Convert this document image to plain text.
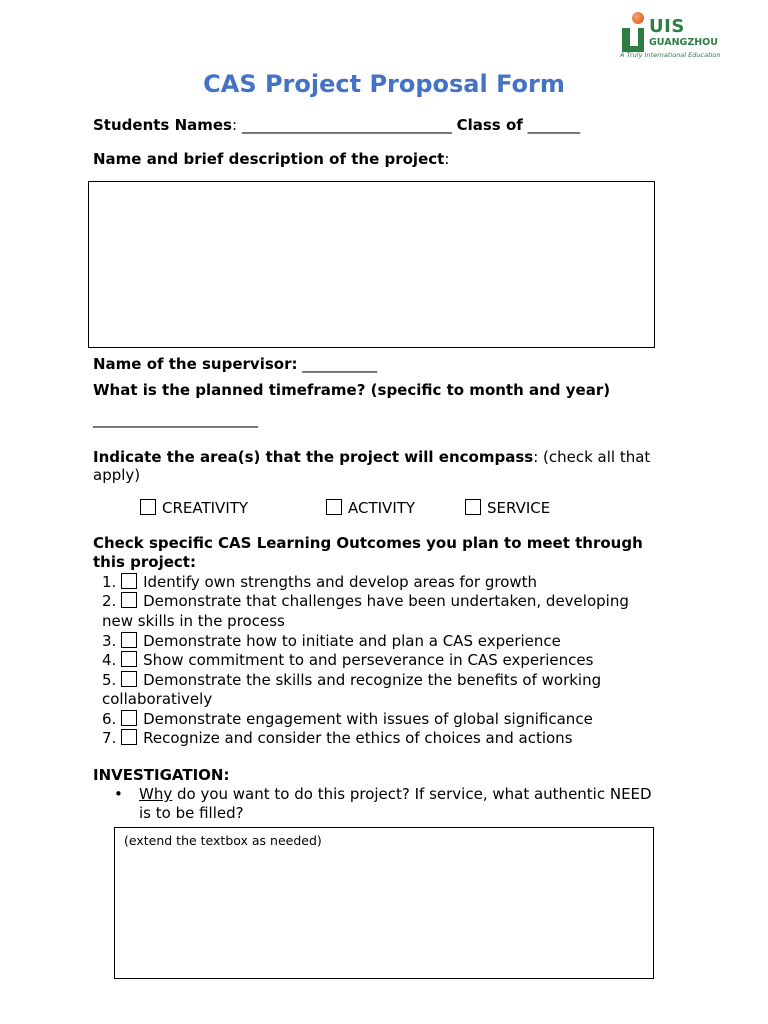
UIS
GUANGZHOU
A Truly International Education
CAS Project Proposal Form
Students Names: ____________________________ Class of _______
Name and brief description of the project:
Name of the supervisor: __________
What is the planned timeframe? (specific to month and year)
______________________
Indicate the area(s) that the project will encompass: (check all that
apply)
CREATIVITY	ACTIVITY	SERVICE
Check specific CAS Learning Outcomes you plan to meet through
this project:
1. Identify own strengths and develop areas for growth
2. Demonstrate that challenges have been undertaken, developing
new skills in the process
3. Demonstrate how to initiate and plan a CAS experience
4. Show commitment to and perseverance in CAS experiences
5. Demonstrate the skills and recognize the benefits of working
collaboratively
6. Demonstrate engagement with issues of global significance
7. Recognize and consider the ethics of choices and actions
INVESTIGATION:
• Why do you want to do this project? If service, what authentic NEED
is to be filled?
(extend the textbox as needed)
